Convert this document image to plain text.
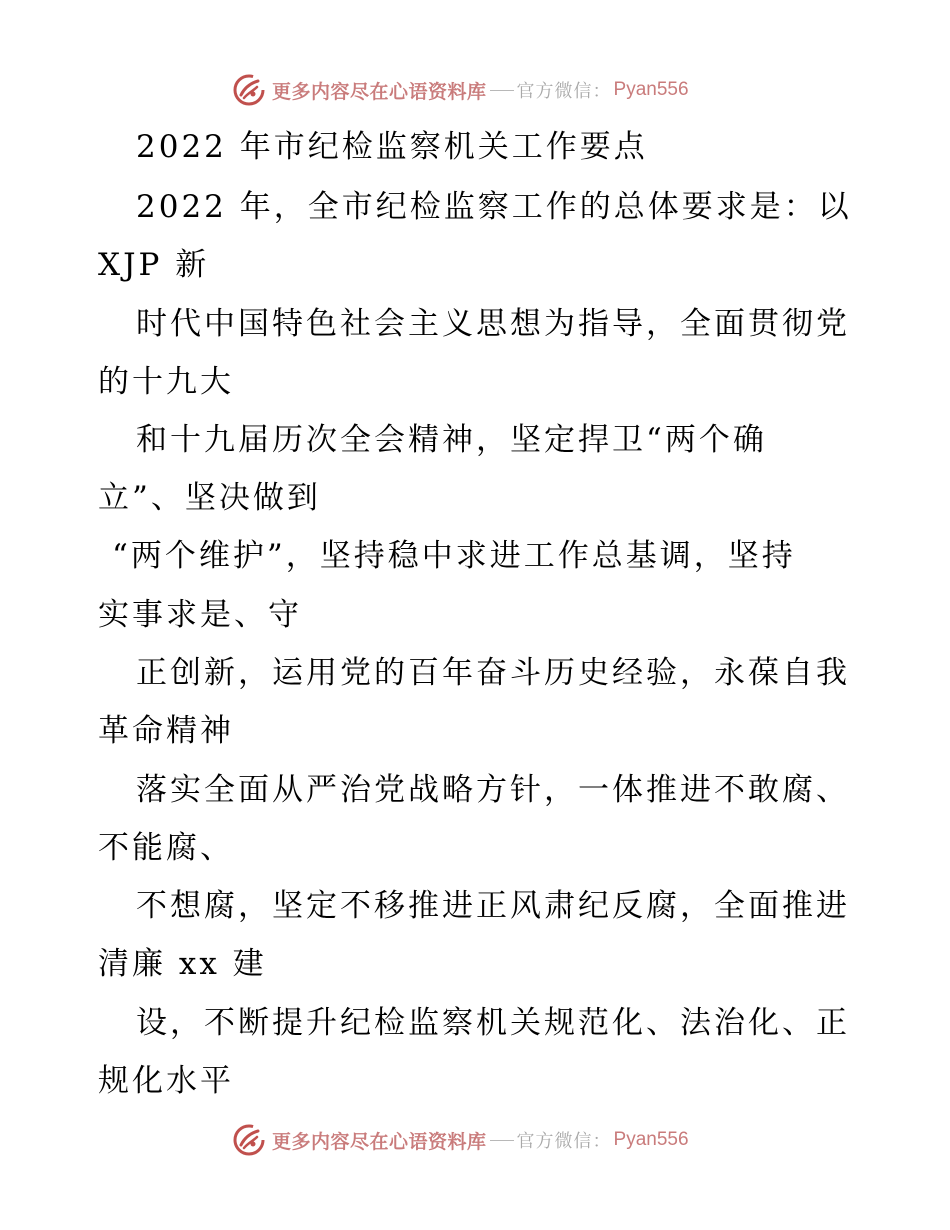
更多内容尽在心语资料库 官方微信： Pyan556

2022 年市纪检监察机关工作要点

2022 年，全市纪检监察工作的总体要求是：以

XJP 新

时代中国特色社会主义思想为指导，全面贯彻党

的十九大

和十九届历次全会精神，坚定捍卫“两个确

立”、坚决做到

“两个维护”，坚持稳中求进工作总基调，坚持

实事求是、守

正创新，运用党的百年奋斗历史经验，永葆自我

革命精神

落实全面从严治党战略方针，一体推进不敢腐、

不能腐、

不想腐，坚定不移推进正风肃纪反腐，全面推进

清廉 xx 建

设，不断提升纪检监察机关规范化、法治化、正

规化水平

更多内容尽在心语资料库 官方微信： Pyan556
